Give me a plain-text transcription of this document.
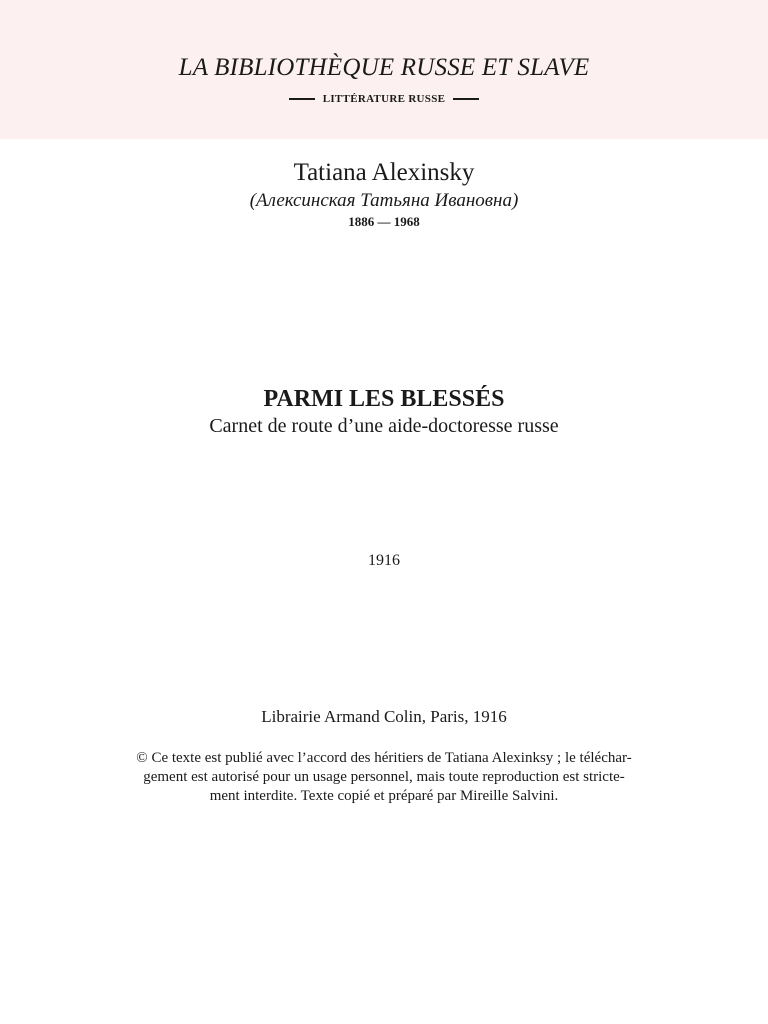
LA BIBLIOTHÈQUE RUSSE ET SLAVE
LITTÉRATURE RUSSE
Tatiana Alexinsky
(Алексинская Татьяна Ивановна)
1886 — 1968
PARMI LES BLESSÉS
Carnet de route d’une aide-doctoresse russe
1916
Librairie Armand Colin, Paris, 1916
© Ce texte est publié avec l’accord des héritiers de Tatiana Alexinksy ; le téléchar-
gement est autorisé pour un usage personnel, mais toute reproduction est stricte-
ment interdite. Texte copié et préparé par Mireille Salvini.
